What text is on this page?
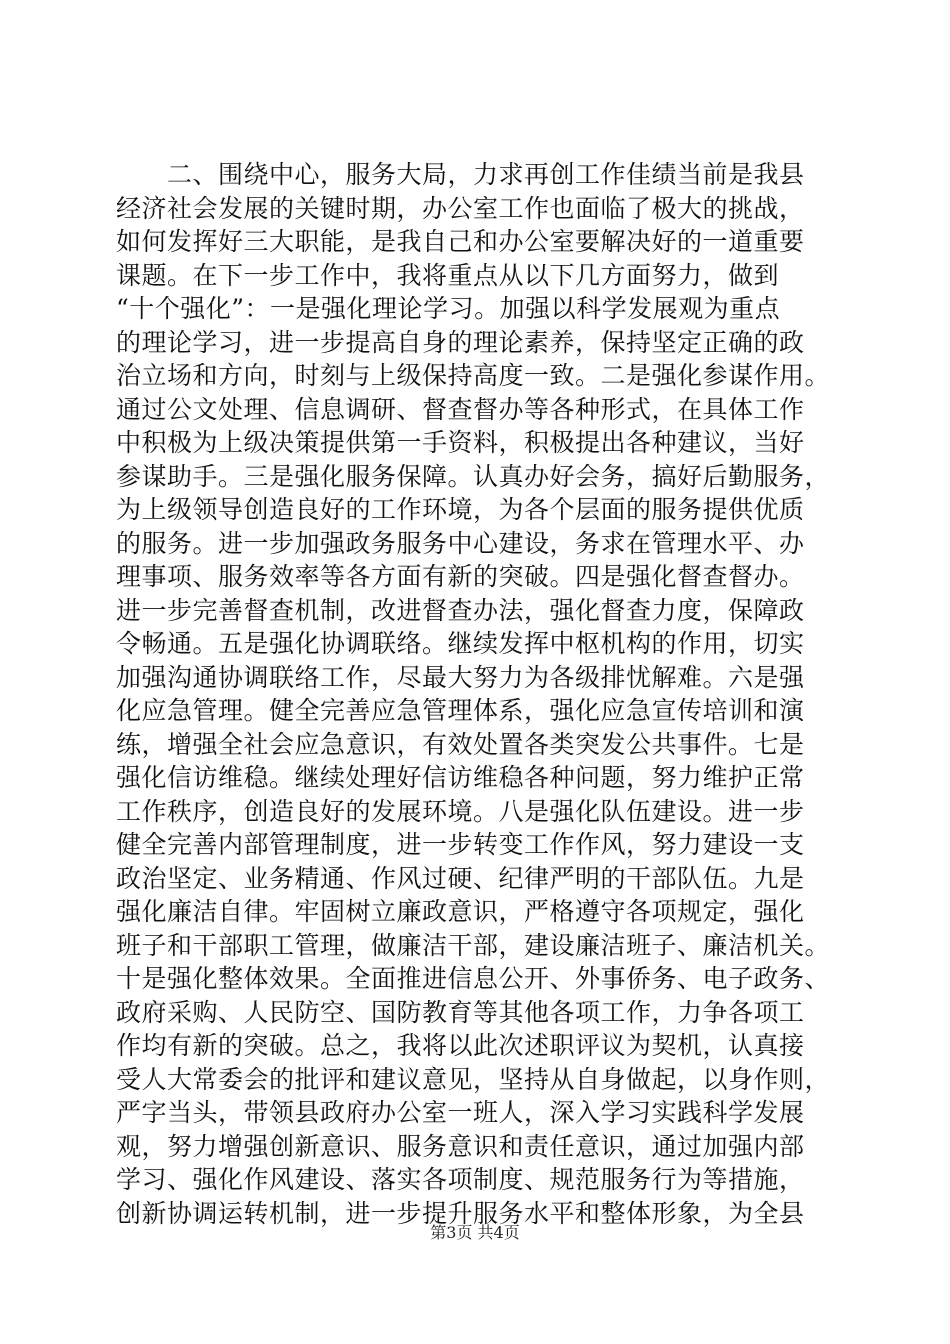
　　二、围绕中心，服务大局，力求再创工作佳绩当前是我县
经济社会发展的关键时期，办公室工作也面临了极大的挑战，
如何发挥好三大职能，是我自己和办公室要解决好的一道重要
课题。在下一步工作中，我将重点从以下几方面努力，做到
“十个强化”：一是强化理论学习。加强以科学发展观为重点
的理论学习，进一步提高自身的理论素养，保持坚定正确的政
治立场和方向，时刻与上级保持高度一致。二是强化参谋作用。
通过公文处理、信息调研、督查督办等各种形式，在具体工作
中积极为上级决策提供第一手资料，积极提出各种建议，当好
参谋助手。三是强化服务保障。认真办好会务，搞好后勤服务，
为上级领导创造良好的工作环境，为各个层面的服务提供优质
的服务。进一步加强政务服务中心建设，务求在管理水平、办
理事项、服务效率等各方面有新的突破。四是强化督查督办。
进一步完善督查机制，改进督查办法，强化督查力度，保障政
令畅通。五是强化协调联络。继续发挥中枢机构的作用，切实
加强沟通协调联络工作，尽最大努力为各级排忧解难。六是强
化应急管理。健全完善应急管理体系，强化应急宣传培训和演
练，增强全社会应急意识，有效处置各类突发公共事件。七是
强化信访维稳。继续处理好信访维稳各种问题，努力维护正常
工作秩序，创造良好的发展环境。八是强化队伍建设。进一步
健全完善内部管理制度，进一步转变工作作风，努力建设一支
政治坚定、业务精通、作风过硬、纪律严明的干部队伍。九是
强化廉洁自律。牢固树立廉政意识，严格遵守各项规定，强化
班子和干部职工管理，做廉洁干部，建设廉洁班子、廉洁机关。
十是强化整体效果。全面推进信息公开、外事侨务、电子政务、
政府采购、人民防空、国防教育等其他各项工作，力争各项工
作均有新的突破。总之，我将以此次述职评议为契机，认真接
受人大常委会的批评和建议意见，坚持从自身做起，以身作则，
严字当头，带领县政府办公室一班人，深入学习实践科学发展
观，努力增强创新意识、服务意识和责任意识，通过加强内部
学习、强化作风建设、落实各项制度、规范服务行为等措施，
创新协调运转机制，进一步提升服务水平和整体形象，为全县
第3页 共4页
